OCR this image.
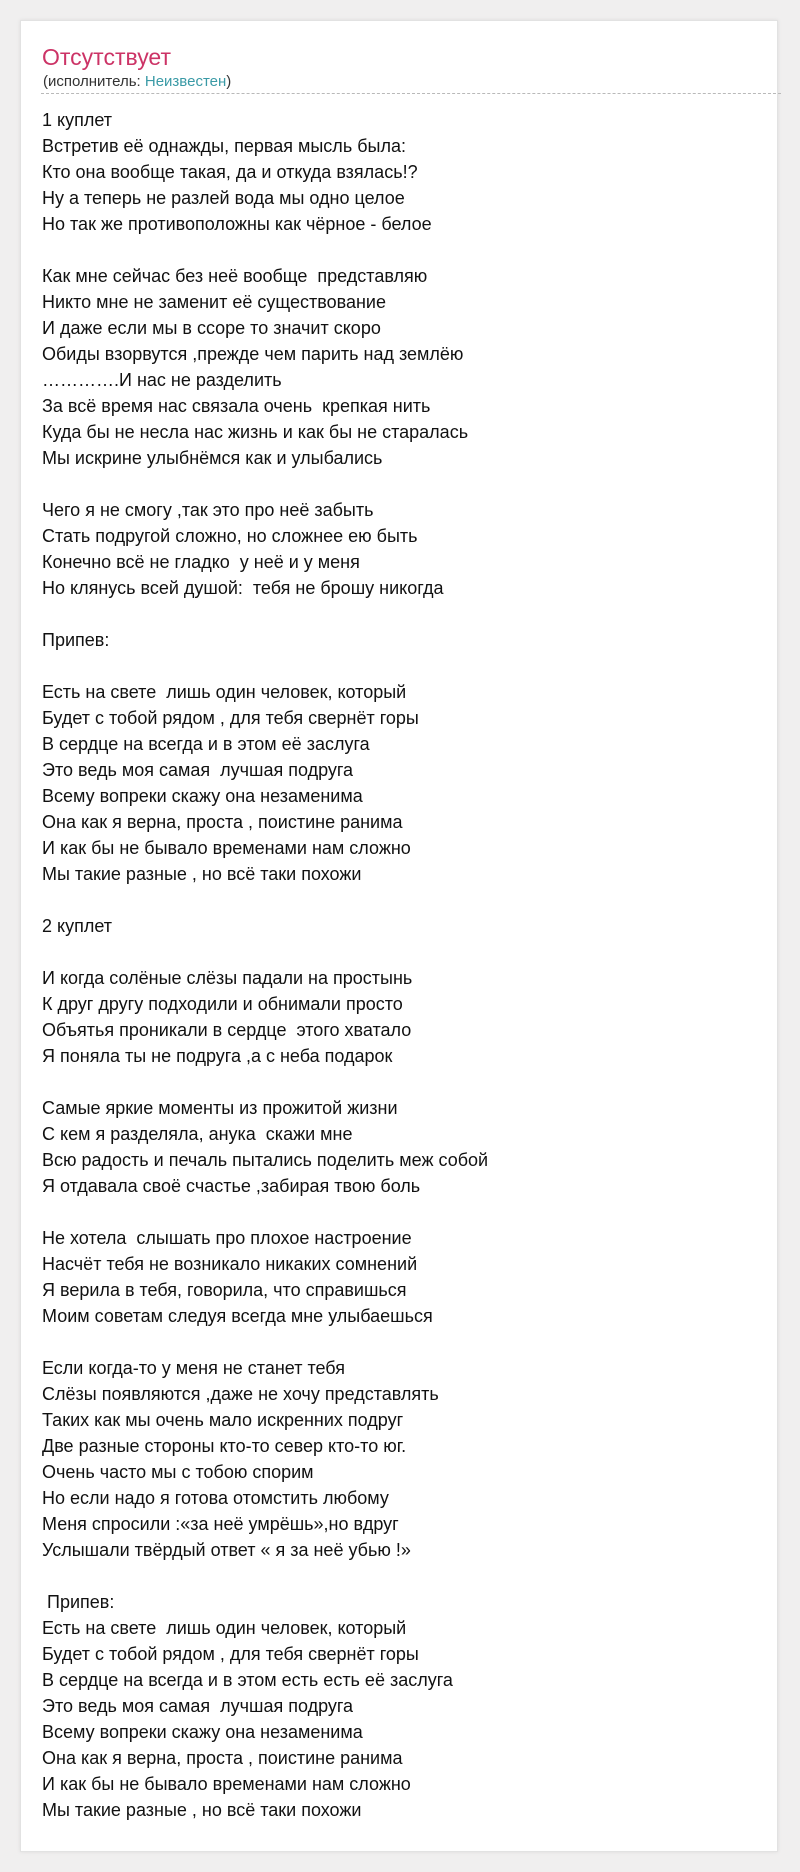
Отсутствует
(исполнитель: Неизвестен)
1 куплет
Встретив её однажды, первая мысль была:
Кто она вообще такая, да и откуда взялась!?
Ну а теперь не разлей вода мы одно целое
Но так же противоположны как чёрное - белое
Как мне сейчас без неё вообще  представляю
Никто мне не заменит её существование
И даже если мы в ссоре то значит скоро
Обиды взорвутся ,прежде чем парить над землёю
………….И нас не разделить
За всё время нас связала очень  крепкая нить
Куда бы не несла нас жизнь и как бы не старалась
Мы искрине улыбнёмся как и улыбались
Чего я не смогу ,так это про неё забыть
Стать подругой сложно, но сложнее ею быть
Конечно всё не гладко  у неё и у меня
Но клянусь всей душой:  тебя не брошу никогда
Припев:
Есть на свете  лишь один человек, который
Будет с тобой рядом , для тебя свернёт горы
В сердце на всегда и в этом её заслуга
Это ведь моя самая  лучшая подруга
Всему вопреки скажу она незаменима
Она как я верна, проста , поистине ранима
И как бы не бывало временами нам сложно
Мы такие разные , но всё таки похожи
2 куплет
И когда солёные слёзы падали на простынь
К друг другу подходили и обнимали просто
Объятья проникали в сердце  этого хватало
Я поняла ты не подруга ,а с неба подарок
Самые яркие моменты из прожитой жизни
С кем я разделяла, анука  скажи мне
Всю радость и печаль пытались поделить меж собой
Я отдавала своё счастье ,забирая твою боль
Не хотела  слышать про плохое настроение
Насчёт тебя не возникало никаких сомнений
Я верила в тебя, говорила, что справишься
Моим советам следуя всегда мне улыбаешься
Если когда-то у меня не станет тебя
Слёзы появляются ,даже не хочу представлять
Таких как мы очень мало искренних подруг
Две разные стороны кто-то север кто-то юг.
Очень часто мы с тобою спорим
Но если надо я готова отомстить любому
Меня спросили :«за неё умрёшь»,но вдруг
Услышали твёрдый ответ « я за неё убью !»
Припев:
Есть на свете  лишь один человек, который
Будет с тобой рядом , для тебя свернёт горы
В сердце на всегда и в этом есть есть её заслуга
Это ведь моя самая  лучшая подруга
Всему вопреки скажу она незаменима
Она как я верна, проста , поистине ранима
И как бы не бывало временами нам сложно
Мы такие разные , но всё таки похожи
